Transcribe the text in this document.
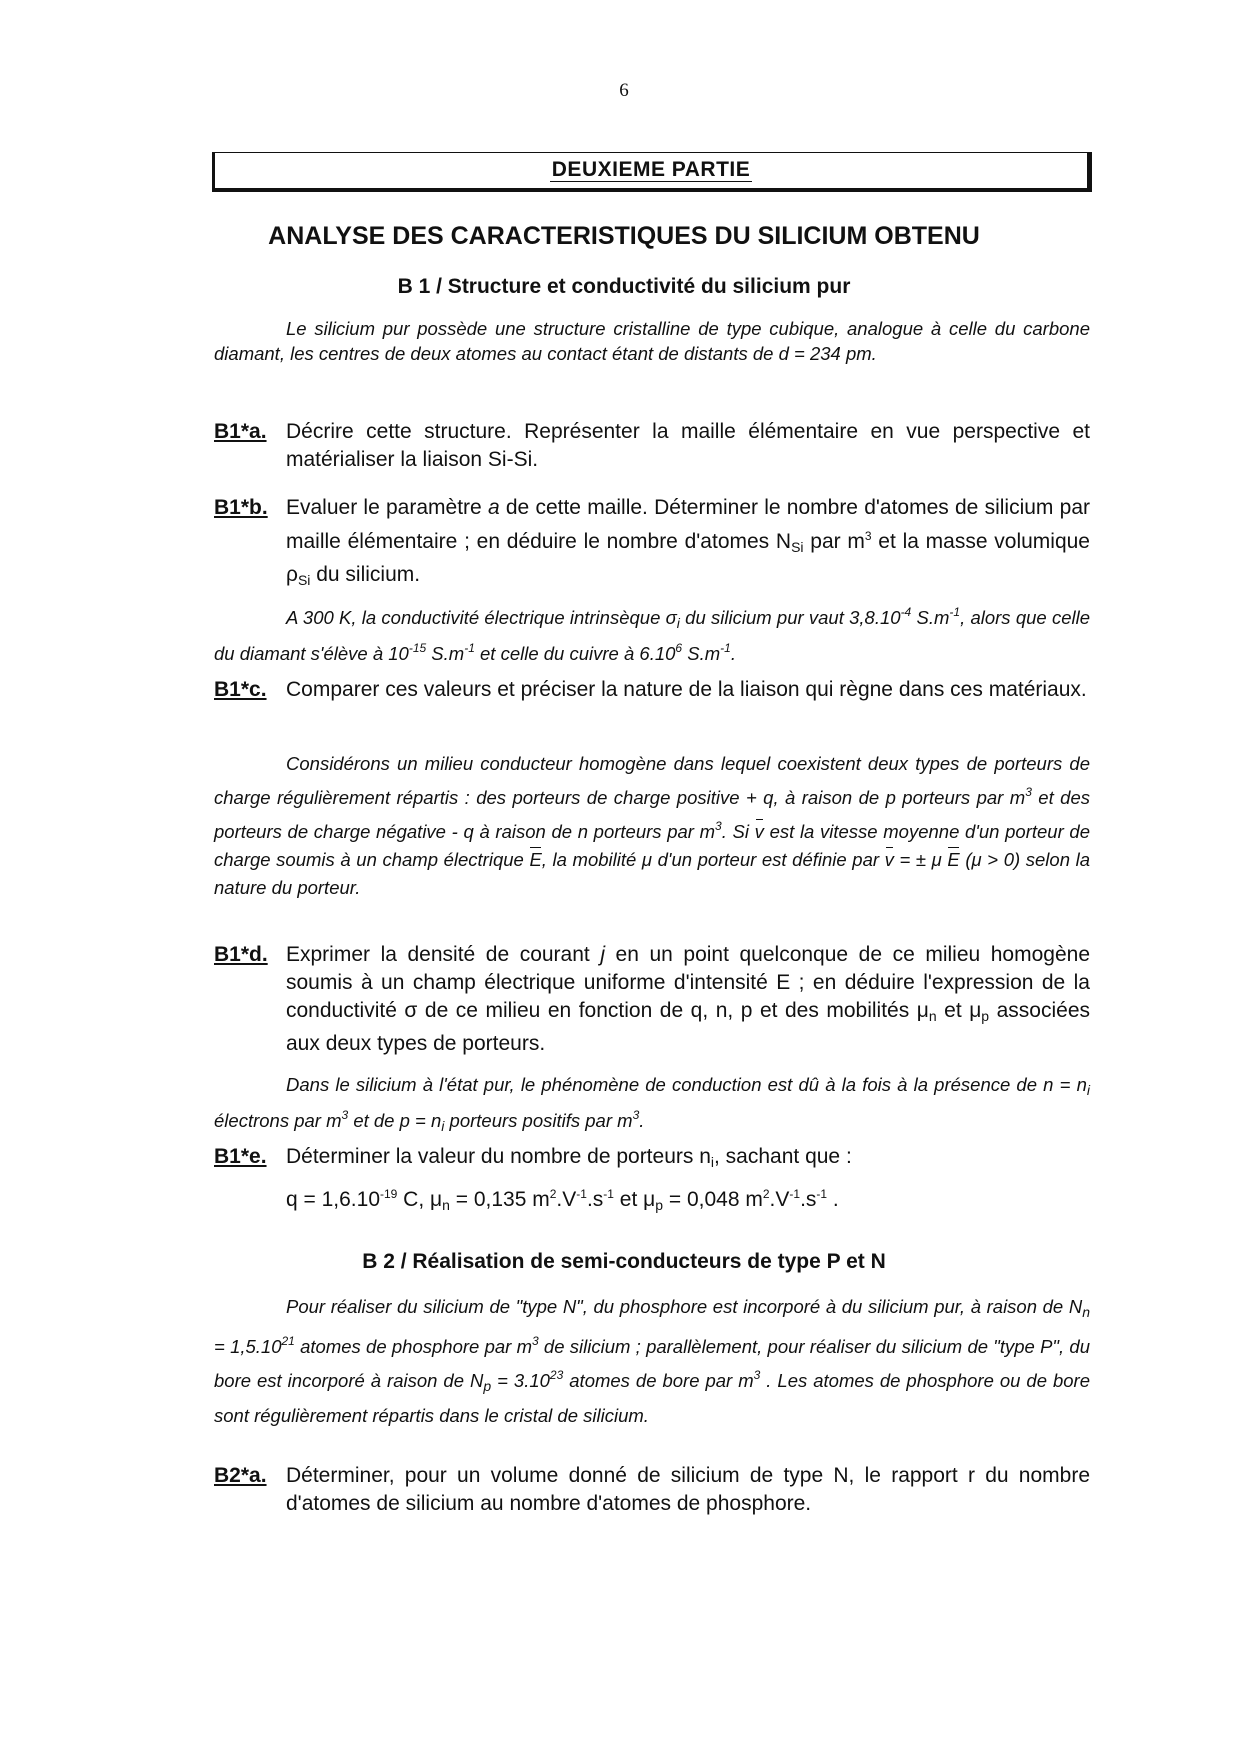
6
DEUXIEME PARTIE
ANALYSE DES CARACTERISTIQUES DU SILICIUM OBTENU
B 1 / Structure et conductivité du silicium pur
Le silicium pur possède une structure cristalline de type cubique, analogue à celle du carbone diamant, les centres de deux atomes au contact étant de distants de d = 234 pm.
B1*a. Décrire cette structure. Représenter la maille élémentaire en vue perspective et matérialiser la liaison Si-Si.
B1*b. Evaluer le paramètre a de cette maille. Déterminer le nombre d'atomes de silicium par maille élémentaire ; en déduire le nombre d'atomes $N_{Si}$ par $m^3$ et la masse volumique $\rho_{Si}$ du silicium.
A 300 K, la conductivité électrique intrinsèque $\sigma_i$ du silicium pur vaut $3,8.10^{-4}$ $S.m^{-1}$, alors que celle du diamant s'élève à $10^{-15}$ $S.m^{-1}$ et celle du cuivre à 6.10$^6$ $S.m^{-1}$.
B1*c. Comparer ces valeurs et préciser la nature de la liaison qui règne dans ces matériaux.
Considérons un milieu conducteur homogène dans lequel coexistent deux types de porteurs de charge régulièrement répartis : des porteurs de charge positive + q, à raison de p porteurs par $m^3$ et des porteurs de charge négative - q à raison de n porteurs par $m^3$. Si v est la vitesse moyenne d'un porteur de charge soumis à un champ électrique E, la mobilité μ d'un porteur est définie par v = ± μ E (μ > 0) selon la nature du porteur.
B1*d. Exprimer la densité de courant j en un point quelconque de ce milieu homogène soumis à un champ électrique uniforme d'intensité E ; en déduire l'expression de la conductivité σ de ce milieu en fonction de q, n, p et des mobilités $\mu_n$ et $\mu_p$ associées aux deux types de porteurs.
Dans le silicium à l'état pur, le phénomène de conduction est dû à la fois à la présence de $n = n_i$ électrons par $m^3$ et de $p = n_i$ porteurs positifs par $m^3$.
B1*e. Déterminer la valeur du nombre de porteurs $n_i$, sachant que :
$q = 1,6.10^{-19}$ C, $\mu_n = 0,135$ $m^2.V^{-1}.s^{-1}$ et $\mu_p = 0,048$ $m^2.V^{-1}.s^{-1}$ .
B 2 / Réalisation de semi-conducteurs de type P et N
Pour réaliser du silicium de "type N", du phosphore est incorporé à du silicium pur, à raison de $N_n = 1,5.10^{21}$ atomes de phosphore par $m^3$ de silicium ; parallèlement, pour réaliser du silicium de "type P", du bore est incorporé à raison de $N_p = 3.10^{23}$ atomes de bore par $m^3$ . Les atomes de phosphore ou de bore sont régulièrement répartis dans le cristal de silicium.
B2*a. Déterminer, pour un volume donné de silicium de type N, le rapport r du nombre d'atomes de silicium au nombre d'atomes de phosphore.
